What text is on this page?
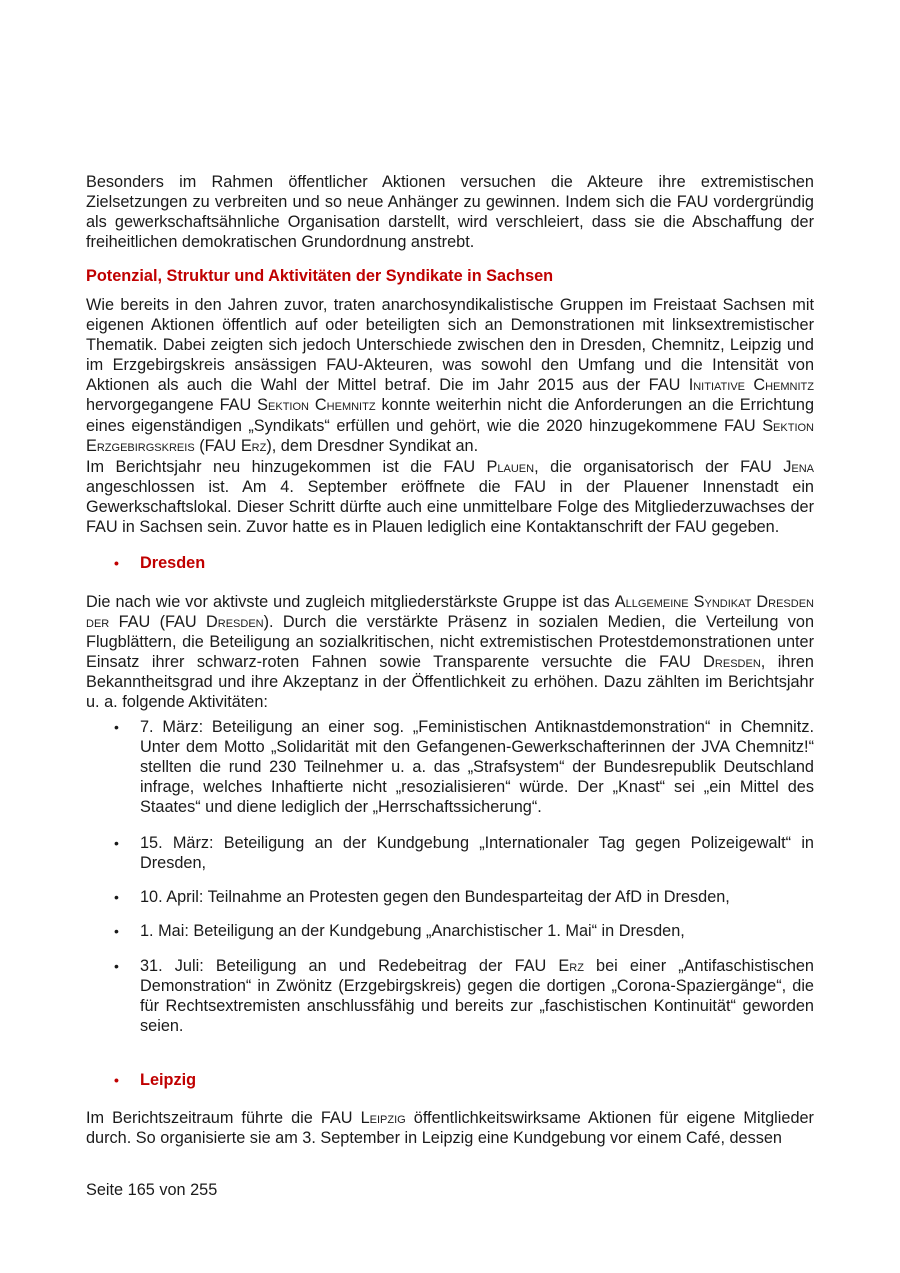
Besonders im Rahmen öffentlicher Aktionen versuchen die Akteure ihre extremistischen Zielsetzungen zu verbreiten und so neue Anhänger zu gewinnen. Indem sich die FAU vordergründig als gewerkschaftsähnliche Organisation darstellt, wird verschleiert, dass sie die Abschaffung der freiheitlichen demokratischen Grundordnung anstrebt.

Potenzial, Struktur und Aktivitäten der Syndikate in Sachsen

Wie bereits in den Jahren zuvor, traten anarchosyndikalistische Gruppen im Freistaat Sachsen mit eigenen Aktionen öffentlich auf oder beteiligten sich an Demonstrationen mit linksextremistischer Thematik. Dabei zeigten sich jedoch Unterschiede zwischen den in Dresden, Chemnitz, Leipzig und im Erzgebirgskreis ansässigen FAU-Akteuren, was sowohl den Umfang und die Intensität von Aktionen als auch die Wahl der Mittel betraf. Die im Jahr 2015 aus der FAU Initiative Chemnitz hervorgegangene FAU Sektion Chemnitz konnte weiterhin nicht die Anforderungen an die Errichtung eines eigenständigen „Syndikats“ erfüllen und gehört, wie die 2020 hinzugekommene FAU Sektion Erzgebirgskreis (FAU Erz), dem Dresdner Syndikat an.

Im Berichtsjahr neu hinzugekommen ist die FAU Plauen, die organisatorisch der FAU Jena angeschlossen ist. Am 4. September eröffnete die FAU in der Plauener Innenstadt ein Gewerkschaftslokal. Dieser Schritt dürfte auch eine unmittelbare Folge des Mitgliederzuwachses der FAU in Sachsen sein. Zuvor hatte es in Plauen lediglich eine Kontaktanschrift der FAU gegeben.

• Dresden

Die nach wie vor aktivste und zugleich mitgliederstärkste Gruppe ist das Allgemeine Syndikat Dresden der FAU (FAU Dresden). Durch die verstärkte Präsenz in sozialen Medien, die Verteilung von Flugblättern, die Beteiligung an sozialkritischen, nicht extremistischen Protestdemonstrationen unter Einsatz ihrer schwarz-roten Fahnen sowie Transparente versuchte die FAU Dresden, ihren Bekanntheitsgrad und ihre Akzeptanz in der Öffentlichkeit zu erhöhen. Dazu zählten im Berichtsjahr u. a. folgende Aktivitäten:

• 7. März: Beteiligung an einer sog. „Feministischen Antiknastdemonstration“ in Chemnitz. Unter dem Motto „Solidarität mit den Gefangenen-Gewerkschafterinnen der JVA Chemnitz!“ stellten die rund 230 Teilnehmer u. a. das „Strafsystem“ der Bundesrepublik Deutschland infrage, welches Inhaftierte nicht „resozialisieren“ würde. Der „Knast“ sei „ein Mittel des Staates“ und diene lediglich der „Herrschaftssicherung“.
• 15. März: Beteiligung an der Kundgebung „Internationaler Tag gegen Polizeigewalt“ in Dresden,
• 10. April: Teilnahme an Protesten gegen den Bundesparteitag der AfD in Dresden,
• 1. Mai: Beteiligung an der Kundgebung „Anarchistischer 1. Mai“ in Dresden,
• 31. Juli: Beteiligung an und Redebeitrag der FAU Erz bei einer „Antifaschistischen Demonstration“ in Zwönitz (Erzgebirgskreis) gegen die dortigen „Corona-Spaziergänge“, die für Rechtsextremisten anschlussfähig und bereits zur „faschistischen Kontinuität“ geworden seien.
• Leipzig

Im Berichtszeitraum führte die FAU Leipzig öffentlichkeitswirksame Aktionen für eigene Mitglieder durch. So organisierte sie am 3. September in Leipzig eine Kundgebung vor einem Café, dessen

Seite 165 von 255
